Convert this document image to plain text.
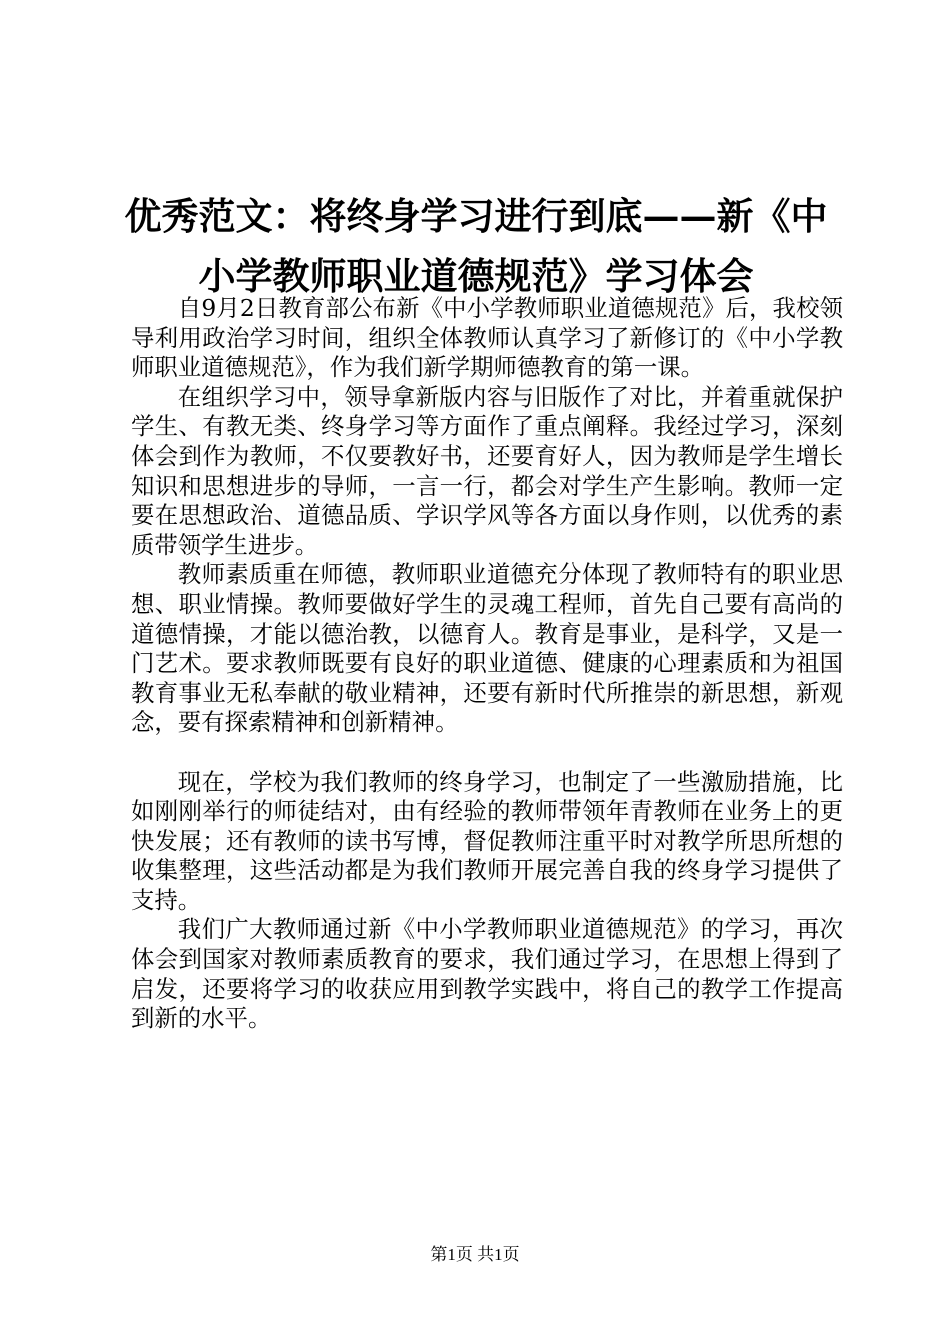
优秀范文：将终身学习进行到底——新《中小学教师职业道德规范》学习体会

自9月2日教育部公布新《中小学教师职业道德规范》后，我校领导利用政治学习时间，组织全体教师认真学习了新修订的《中小学教师职业道德规范》，作为我们新学期师德教育的第一课。

在组织学习中，领导拿新版内容与旧版作了对比，并着重就保护学生、有教无类、终身学习等方面作了重点阐释。我经过学习，深刻体会到作为教师，不仅要教好书，还要育好人，因为教师是学生增长知识和思想进步的导师，一言一行，都会对学生产生影响。教师一定要在思想政治、道德品质、学识学风等各方面以身作则，以优秀的素质带领学生进步。

教师素质重在师德，教师职业道德充分体现了教师特有的职业思想、职业情操。教师要做好学生的灵魂工程师，首先自己要有高尚的道德情操，才能以德治教，以德育人。教育是事业，是科学，又是一门艺术。要求教师既要有良好的职业道德、健康的心理素质和为祖国教育事业无私奉献的敬业精神，还要有新时代所推崇的新思想，新观念，要有探索精神和创新精神。

现在，学校为我们教师的终身学习，也制定了一些激励措施，比如刚刚举行的师徒结对，由有经验的教师带领年青教师在业务上的更快发展；还有教师的读书写博，督促教师注重平时对教学所思所想的收集整理，这些活动都是为我们教师开展完善自我的终身学习提供了支持。

我们广大教师通过新《中小学教师职业道德规范》的学习，再次体会到国家对教师素质教育的要求，我们通过学习，在思想上得到了启发，还要将学习的收获应用到教学实践中，将自己的教学工作提高到新的水平。

第1页 共1页
